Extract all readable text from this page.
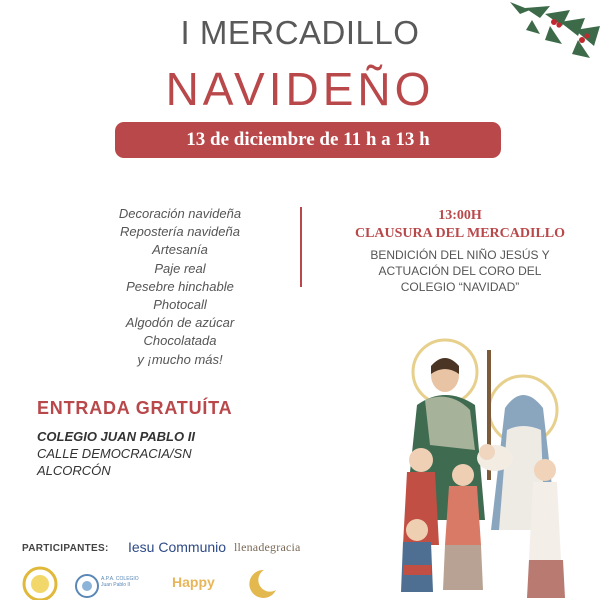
I MERCADILLO
NAVIDEÑO
13 de diciembre de 11 h a 13 h
Decoración navideña
Repostería navideña
Artesanía
Paje real
Pesebre hinchable
Photocall
Algodón de azúcar
Chocolatada
y ¡mucho más!
13:00H
CLAUSURA DEL MERCADILLO
BENDICIÓN DEL NIÑO JESÚS Y
ACTUACIÓN DEL CORO DEL
COLEGIO “NAVIDAD”
ENTRADA GRATUÍTA
COLEGIO JUAN PABLO II
CALLE DEMOCRACIA/SN
ALCORCÓN
PARTICIPANTES: Iesu Communio llenadegracia
A.P.A. COLEGIO
Juan Pablo II	Happy
